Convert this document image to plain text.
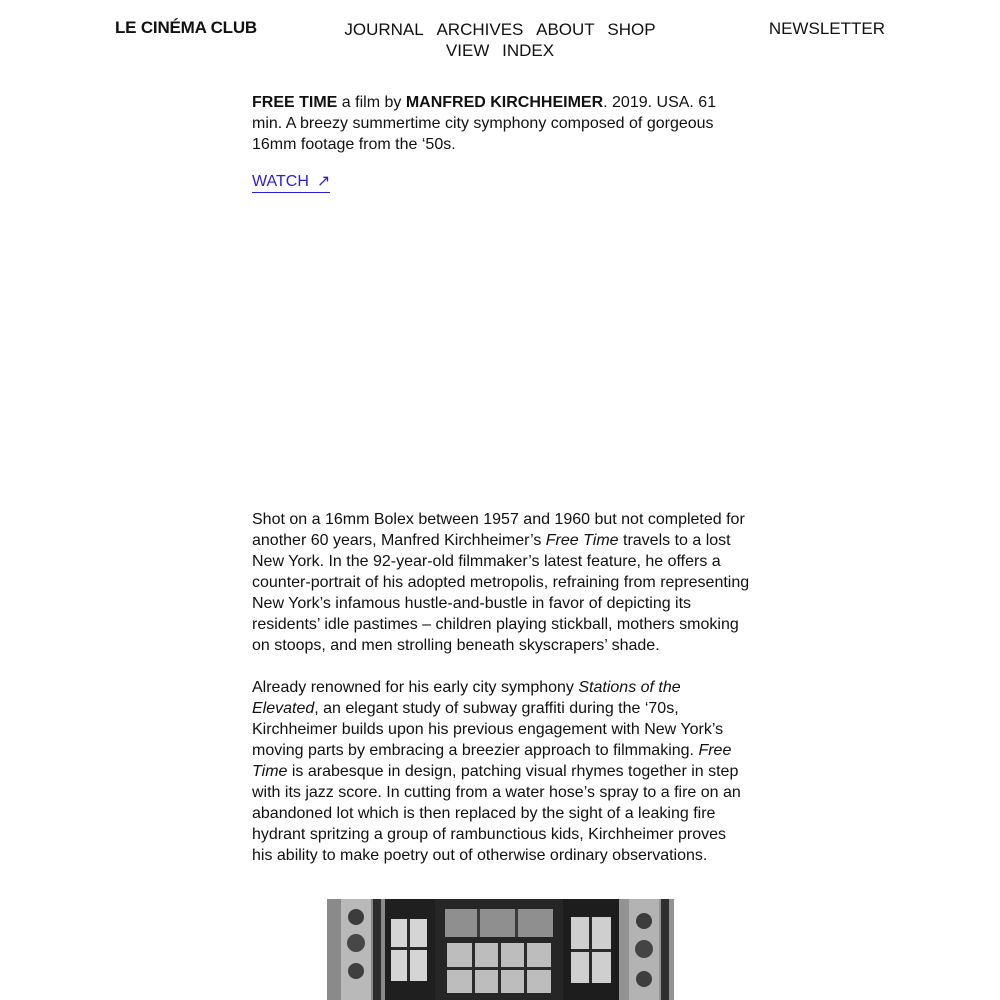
LE CINÉMA CLUB	JOURNAL ARCHIVES ABOUT SHOP
VIEW INDEX
NEWSLETTER

FREE TIME a film by MANFRED KIRCHHEIMER. 2019. USA. 61 min. A breezy summertime city symphony composed of gorgeous 16mm footage from the ‘50s.

WATCH ↗

Shot on a 16mm Bolex between 1957 and 1960 but not completed for another 60 years, Manfred Kirchheimer’s Free Time travels to a lost New York. In the 92-year-old filmmaker’s latest feature, he offers a counter-portrait of his adopted metropolis, refraining from representing New York’s infamous hustle-and-bustle in favor of depicting its residents’ idle pastimes – children playing stickball, mothers smoking on stoops, and men strolling beneath skyscrapers’ shade.

Already renowned for his early city symphony Stations of the Elevated, an elegant study of subway graffiti during the ‘70s, Kirchheimer builds upon his previous engagement with New York’s moving parts by embracing a breezier approach to filmmaking. Free Time is arabesque in design, patching visual rhymes together in step with its jazz score. In cutting from a water hose’s spray to a fire on an abandoned lot which is then replaced by the sight of a leaking fire hydrant spritzing a group of rambunctious kids, Kirchheimer proves his ability to make poetry out of otherwise ordinary observations.
